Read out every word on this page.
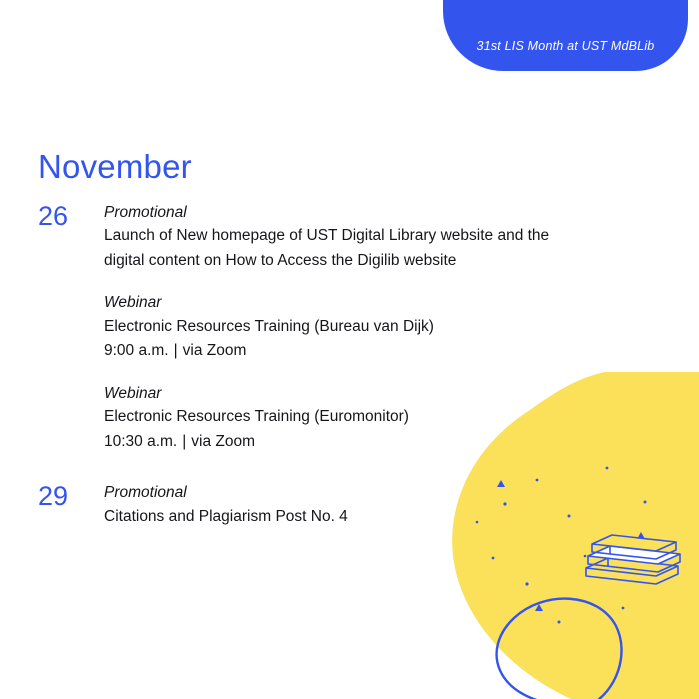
31st LIS Month at UST MdBLib
November
26	Promotional
Launch of New homepage of UST Digital Library website and the digital content on How to Access the Digilib website
Webinar
Electronic Resources Training (Bureau van Dijk)
9:00 a.m. | via Zoom
Webinar
Electronic Resources Training (Euromonitor)
10:30 a.m. | via Zoom
29	Promotional
Citations and Plagiarism Post No. 4
